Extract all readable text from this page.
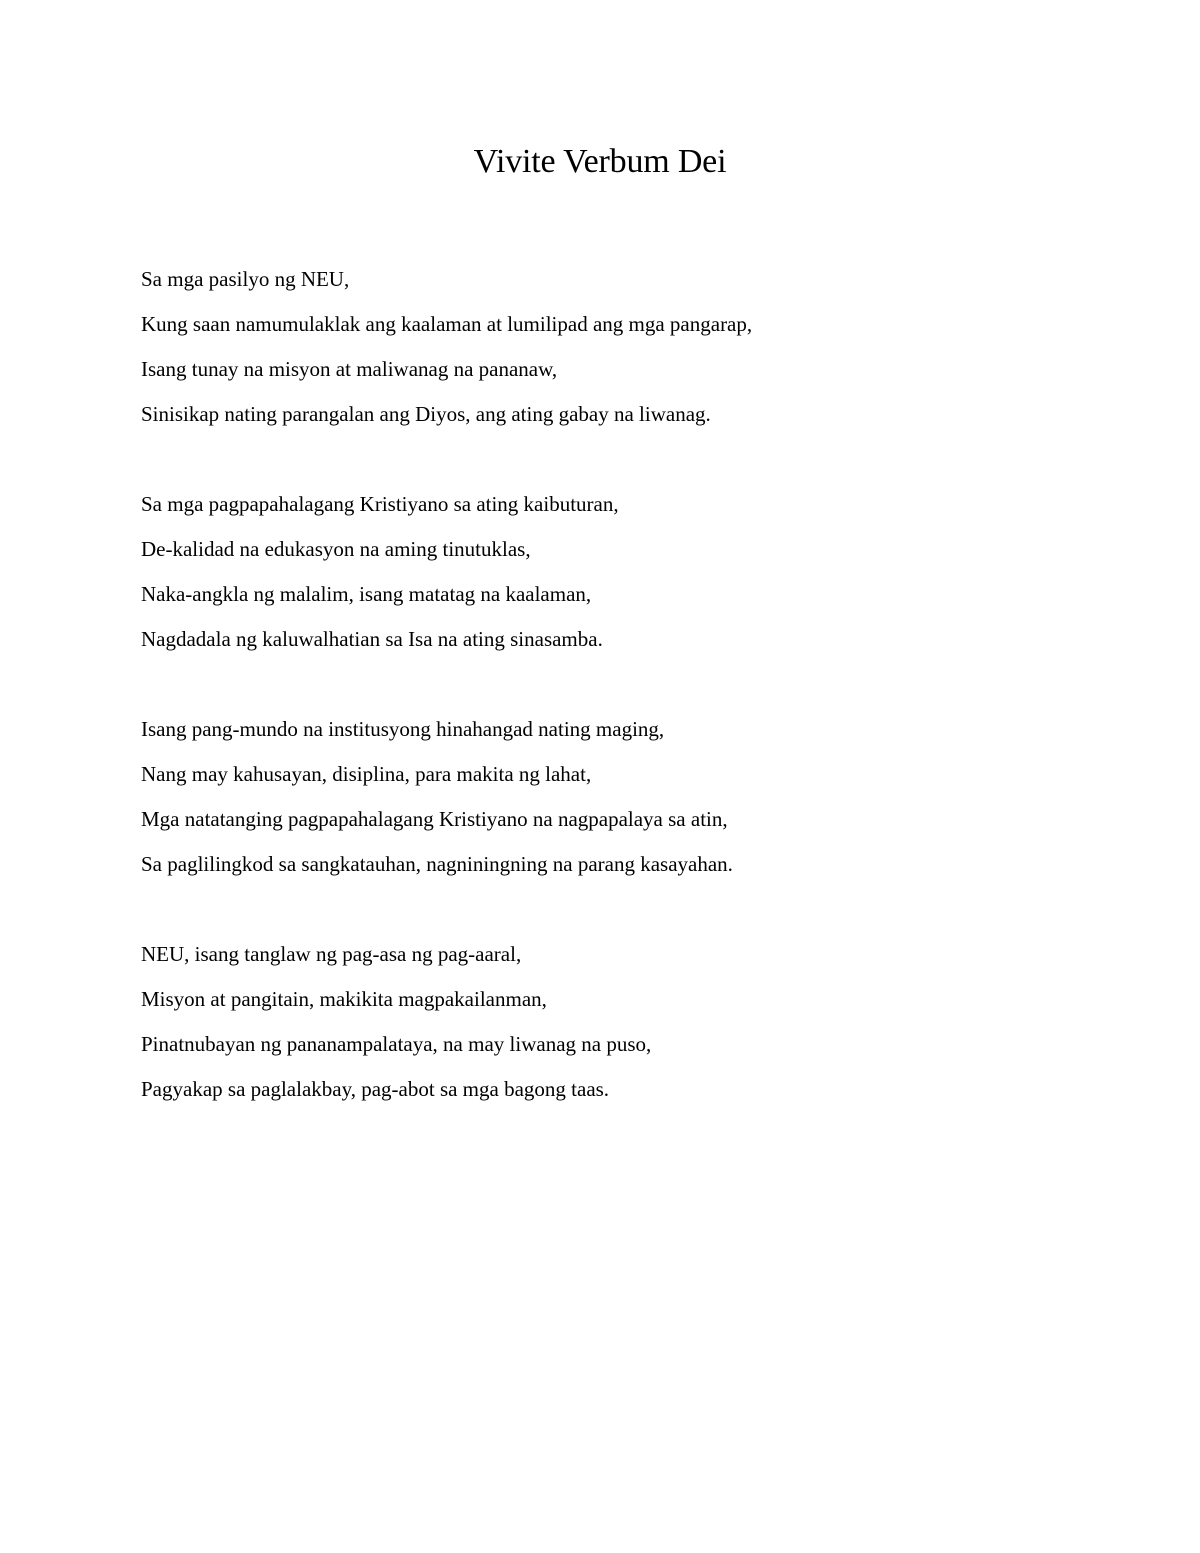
Vivite Verbum Dei
Sa mga pasilyo ng NEU,
Kung saan namumulaklak ang kaalaman at lumilipad ang mga pangarap,
Isang tunay na misyon at maliwanag na pananaw,
Sinisikap nating parangalan ang Diyos, ang ating gabay na liwanag.
Sa mga pagpapahalagang Kristiyano sa ating kaibuturan,
De-kalidad na edukasyon na aming tinutuklas,
Naka-angkla ng malalim, isang matatag na kaalaman,
Nagdadala ng kaluwalhatian sa Isa na ating sinasamba.
Isang pang-mundo na institusyong hinahangad nating maging,
Nang may kahusayan, disiplina, para makita ng lahat,
Mga natatanging pagpapahalagang Kristiyano na nagpapalaya sa atin,
Sa paglilingkod sa sangkatauhan, nagniningning na parang kasayahan.
NEU, isang tanglaw ng pag-asa ng pag-aaral,
Misyon at pangitain, makikita magpakailanman,
Pinatnubayan ng pananampalataya, na may liwanag na puso,
Pagyakap sa paglalakbay, pag-abot sa mga bagong taas.
